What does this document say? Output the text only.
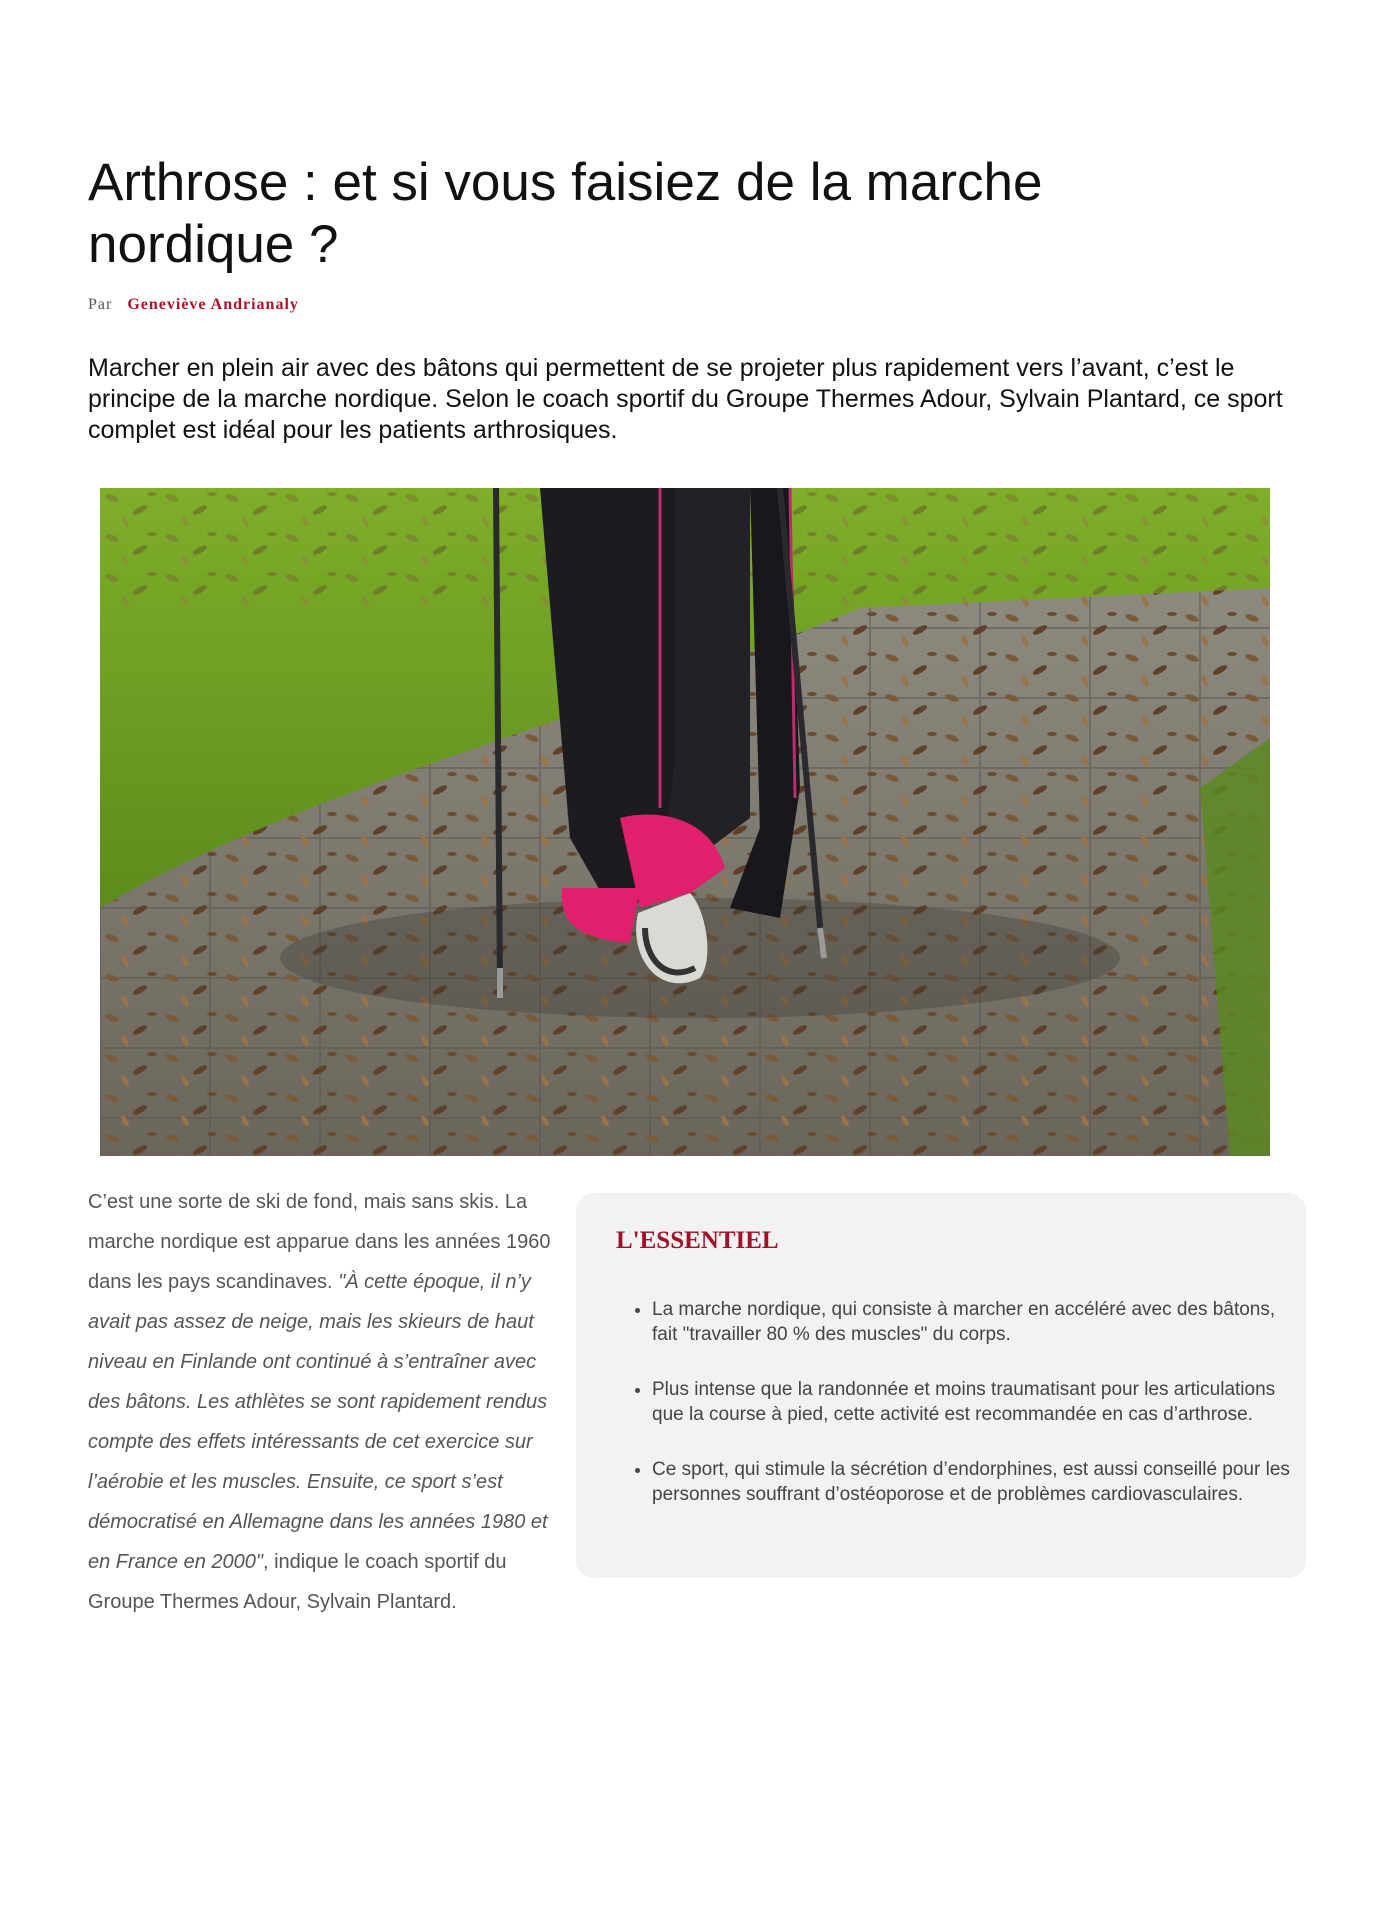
Arthrose : et si vous faisiez de la marche nordique ?

Par Geneviève Andrianaly

Marcher en plein air avec des bâtons qui permettent de se projeter plus rapidement vers l’avant, c’est le principe de la marche nordique. Selon le coach sportif du Groupe Thermes Adour, Sylvain Plantard, ce sport complet est idéal pour les patients arthrosiques.

L'ESSENTIEL
• La marche nordique, qui consiste à marcher en accéléré avec des bâtons, fait "travailler 80 % des muscles" du corps.
• Plus intense que la randonnée et moins traumatisant pour les articulations que la course à pied, cette activité est recommandée en cas d’arthrose.
• Ce sport, qui stimule la sécrétion d’endorphines, est aussi conseillé pour les personnes souffrant d’ostéoporose et de problèmes cardiovasculaires.

C’est une sorte de ski de fond, mais sans skis. La marche nordique est apparue dans les années 1960 dans les pays scandinaves. "À cette époque, il n’y avait pas assez de neige, mais les skieurs de haut niveau en Finlande ont continué à s’entraîner avec des bâtons. Les athlètes se sont rapidement rendus compte des effets intéressants de cet exercice sur l’aérobie et les muscles. Ensuite, ce sport s’est démocratisé en Allemagne dans les années 1980 et en France en 2000", indique le coach sportif du Groupe Thermes Adour, Sylvain Plantard.
